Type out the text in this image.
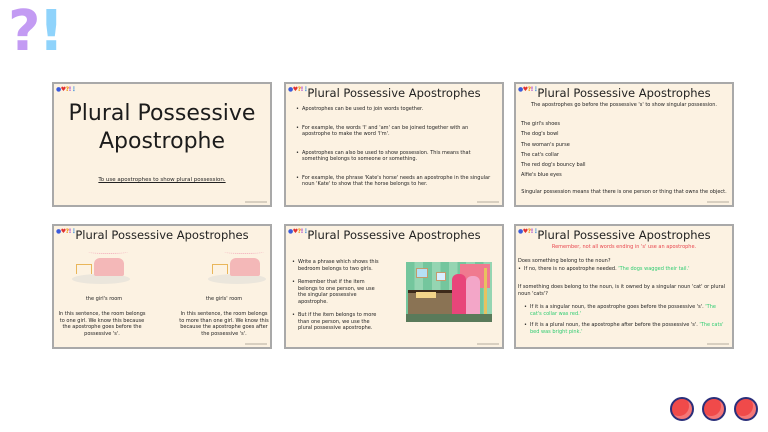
?!
●♥?!⋮
Plural Possessive
Apostrophe
To use apostrophes to show plural possession.
●♥?!⋮ Plural Possessive Apostrophes
• Apostrophes can be used to join words together.
• For example, the words 'I' and 'am' can be joined together with an apostrophe to make the word 'I'm'.
• Apostrophes can also be used to show possession. This means that something belongs to someone or something.
• For example, the phrase 'Kate's horse' needs an apostrophe in the singular noun 'Kate' to show that the horse belongs to her.
●♥?!⋮ Plural Possessive Apostrophes
The apostrophes go before the possessive 's' to show singular possession.
The girl's shoes
The dog's bowl
The woman's purse
The cat's collar
The red dog's bouncy ball
Alfie's blue eyes
Singular possession means that there is one person or thing that owns the object.
●♥?!⋮ Plural Possessive Apostrophes
the girl's room	the girls' room
In this sentence, the room belongs to one girl. We know this because the apostrophe goes before the possessive 's'.
In this sentence, the room belongs to more than one girl. We know this because the apostrophe goes after the possessive 's'.
●♥?!⋮ Plural Possessive Apostrophes
• Write a phrase which shows this bedroom belongs to two girls.
• Remember that if the item belongs to one person, we use the singular possessive apostrophe.
• But if the item belongs to more than one person, we use the plural possessive apostrophe.
●♥?!⋮ Plural Possessive Apostrophes
Remember, not all words ending in 's' use an apostrophe.
Does something belong to the noun?
• If no, there is no apostrophe needed. 'The dogs wagged their tail.'
If something does belong to the noun, is it owned by a singular noun 'cat' or plural noun 'cats'?
• If it is a singular noun, the apostrophe goes before the possessive 's'. 'The cat's collar was red.'
• If it is a plural noun, the apostrophe after before the possessive 's'. 'The cats' bed was bright pink.'
